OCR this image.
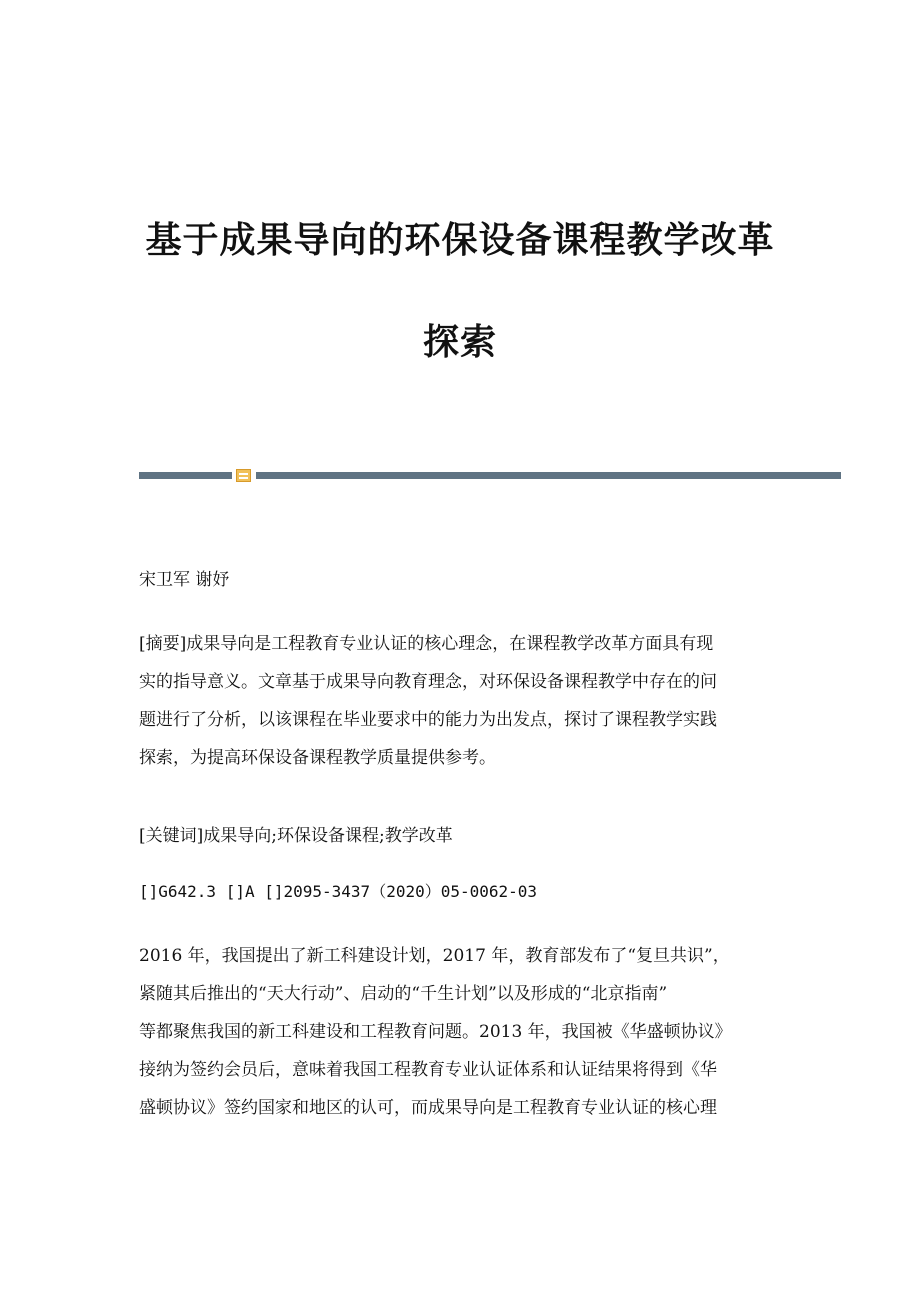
基于成果导向的环保设备课程教学改革
探索

宋卫军 谢妤

[摘要]成果导向是工程教育专业认证的核心理念，在课程教学改革方面具有现
实的指导意义。文章基于成果导向教育理念，对环保设备课程教学中存在的问
题进行了分析，以该课程在毕业要求中的能力为出发点，探讨了课程教学实践
探索，为提高环保设备课程教学质量提供参考。

[关键词]成果导向;环保设备课程;教学改革

[]G642.3 []A []2095-3437（2020）05-0062-03

2016 年，我国提出了新工科建设计划，2017 年，教育部发布了“复旦共识”，
紧随其后推出的“天大行动”、启动的“千生计划”以及形成的“北京指南”
等都聚焦我国的新工科建设和工程教育问题。2013 年，我国被《华盛顿协议》
接纳为签约会员后，意味着我国工程教育专业认证体系和认证结果将得到《华
盛顿协议》签约国家和地区的认可，而成果导向是工程教育专业认证的核心理
